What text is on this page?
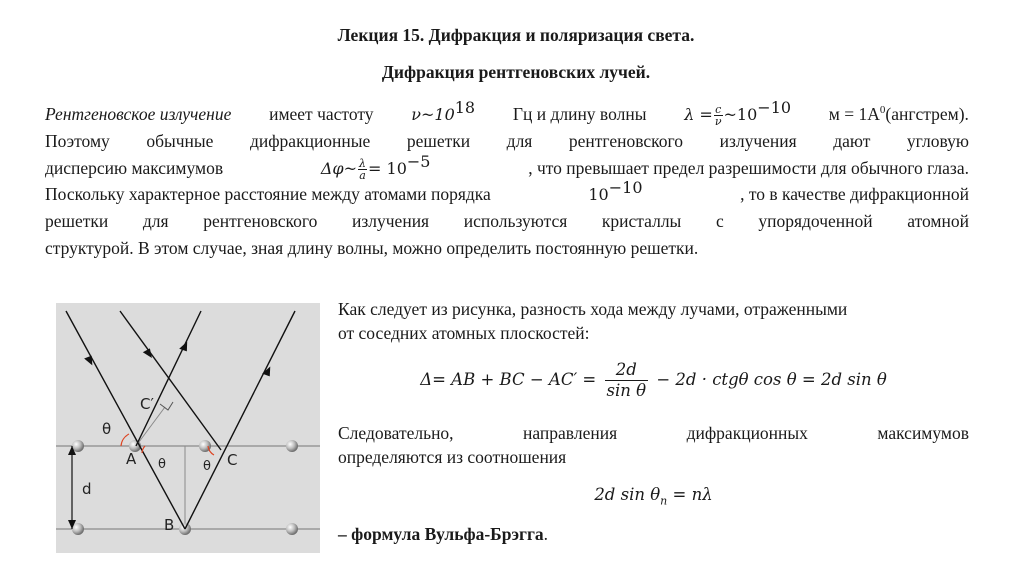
Лекция 15. Дифракция и поляризация света.
Дифракция рентгеновских лучей.
Рентгеновское излучение имеет частоту $\nu\sim 10^{18}$ Гц и длину волны $\lambda = \frac{c}{\nu}$ $\sim 10^{-10}$ $м = 1A^0(ангстрем)$.
Поэтому обычные дифракционные решетки для рентгеновского излучения дают угловую
дисперсию максимумов	Δφ~ $\frac{\lambda}{a} = 10^{-5}$	, что превышает предел разрешимости для обычного глаза.
Поскольку характерное расстояние между атомами порядка	$10^{-10}$	, то в качестве дифракционной
решетки для рентгеновского излучения используются кристаллы с упорядоченной атомной
структурой. В этом случае, зная длину волны, можно определить постоянную решетки.
Как следует из рисунка, разность хода между лучами, отраженными
от соседних атомных плоскостей:
Δ= AB + BC − $AC' = \frac{2d}{\text{sin θ}} - 2d \cdot ctg\theta$ cos θ = 2d sin θ
Следовательно,	направления	дифракционных	максимумов
определяются из соотношения
2d $\sin \theta_n = n\lambda$
– формула Вульфа-Брэгга.
θ
C′
A θ	θ C
d
B
